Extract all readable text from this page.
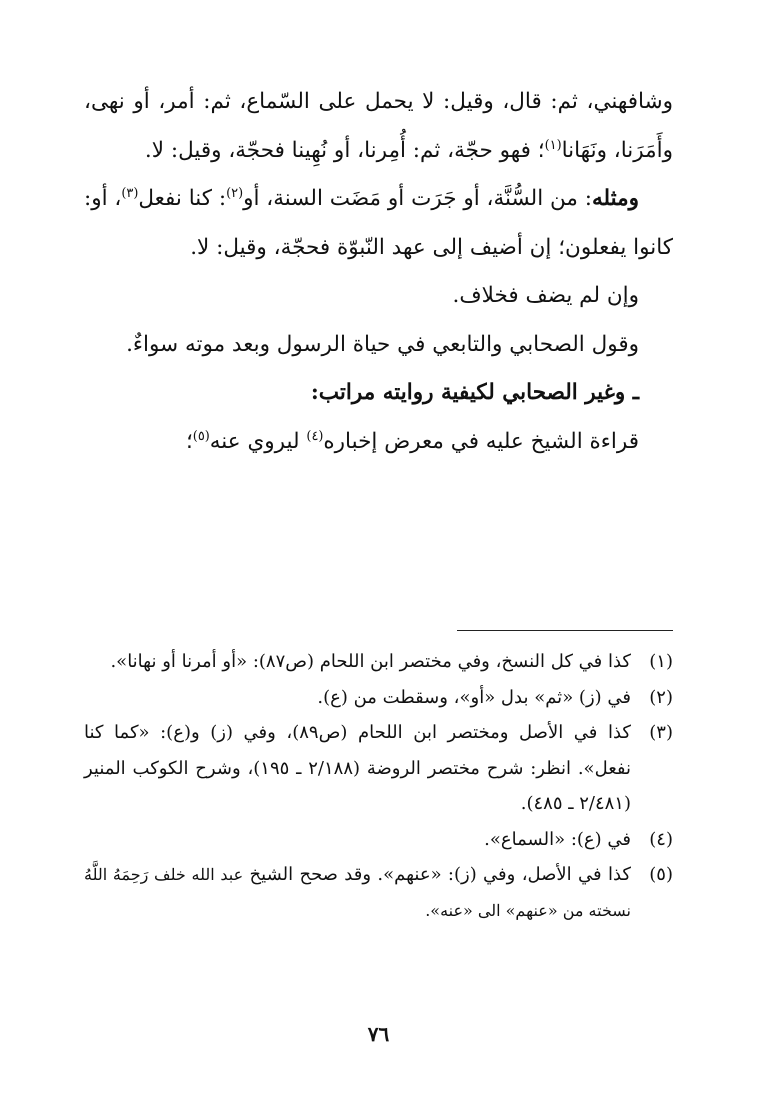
وشافهني، ثم: قال، وقيل: لا يحمل على السّماع، ثم: أمر، أو نهى، وأَمَرَنا، ونَهَانا$^{(١)}$؛ فهو حجّة، ثم: أُمِرنا، أو نُهِينا فحجّة، وقيل: لا.

ومثله: من السُّنَّة، أو جَرَت أو مَضَت السنة، أو$^{(٢)}$: كنا نفعل$^{(٣)}$، أو: كانوا يفعلون؛ إن أضيف إلى عهد النّبوّة فحجّة، وقيل: لا.

وإن لم يضف فخلاف.

وقول الصحابي والتابعي في حياة الرسول وبعد موته سواءٌ.

ـ وغير الصحابي لكيفية روايته مراتب:

قراءة الشيخ عليه في معرض إخباره$^{(٤)}$ ليروي عنه$^{(٥)}$؛

(١)
كذا في كل النسخ، وفي مختصر ابن اللحام (ص٨٧): «أو أمرنا أو نهانا».
(٢)
في (ز) «ثم» بدل «أو»، وسقطت من (ع).
(٣)
كذا في الأصل ومختصر ابن اللحام (ص٨٩)، وفي (ز) و(ع): «كما كنا نفعل». انظر: شرح مختصر الروضة (٢/١٨٨ ـ ١٩٥)، وشرح الكوكب المنير (٢/٤٨١ ـ ٤٨٥).
(٤)
في (ع): «السماع».
(٥)
كذا في الأصل، وفي (ز): «عنهم». وقد صحح الشيخ عبد الله خلف رَحِمَهُ اللَّهُ نسخته من «عنهم» الى «عنه».
٧٦
